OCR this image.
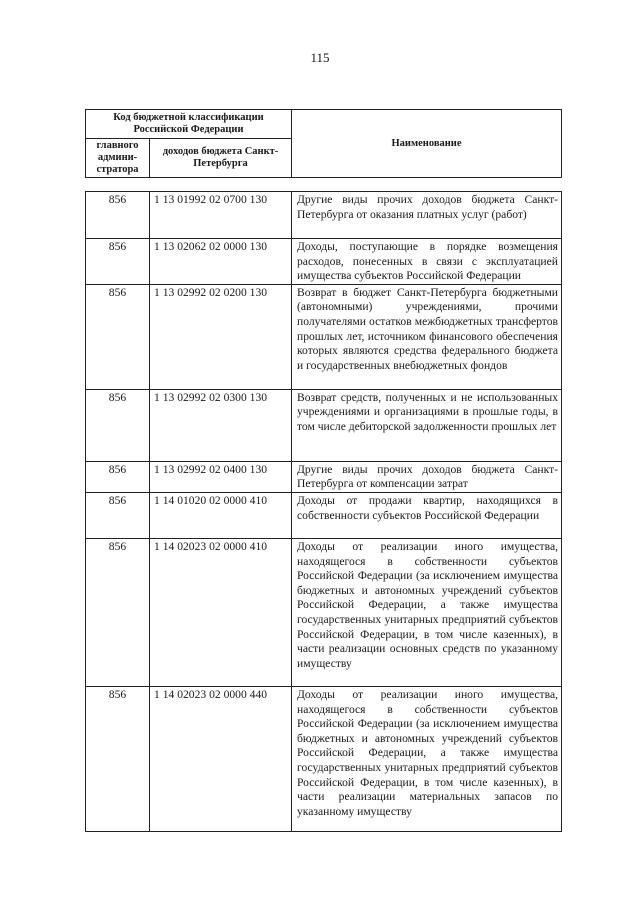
115
Код бюджетной классификации Российской Федерации		Наименование
главного админи-стратора	доходов бюджета Санкт-Петербурга	
856	1 13 01992 02 0700 130	Другие виды прочих доходов бюджета Санкт-Петербурга от оказания платных услуг (работ)
856	1 13 02062 02 0000 130	Доходы, поступающие в порядке возмещения расходов, понесенных в связи с эксплуатацией имущества субъектов Российской Федерации
856	1 13 02992 02 0200 130	Возврат в бюджет Санкт-Петербурга бюджетными (автономными) учреждениями, прочими получателями остатков межбюджетных трансфертов прошлых лет, источником финансового обеспечения которых являются средства федерального бюджета и государственных внебюджетных фондов
856	1 13 02992 02 0300 130	Возврат средств, полученных и не использованных учреждениями и организациями в прошлые годы, в том числе дебиторской задолженности прошлых лет
856	1 13 02992 02 0400 130	Другие виды прочих доходов бюджета Санкт-Петербурга от компенсации затрат
856	1 14 01020 02 0000 410	Доходы от продажи квартир, находящихся в собственности субъектов Российской Федерации
856	1 14 02023 02 0000 410	Доходы от реализации иного имущества, находящегося в собственности субъектов Российской Федерации (за исключением имущества бюджетных и автономных учреждений субъектов Российской Федерации, а также имущества государственных унитарных предприятий субъектов Российской Федерации, в том числе казенных), в части реализации основных средств по указанному имуществу
856	1 14 02023 02 0000 440	Доходы от реализации иного имущества, находящегося в собственности субъектов Российской Федерации (за исключением имущества бюджетных и автономных учреждений субъектов Российской Федерации, а также имущества государственных унитарных предприятий субъектов Российской Федерации, в том числе казенных), в части реализации материальных запасов по указанному имуществу
